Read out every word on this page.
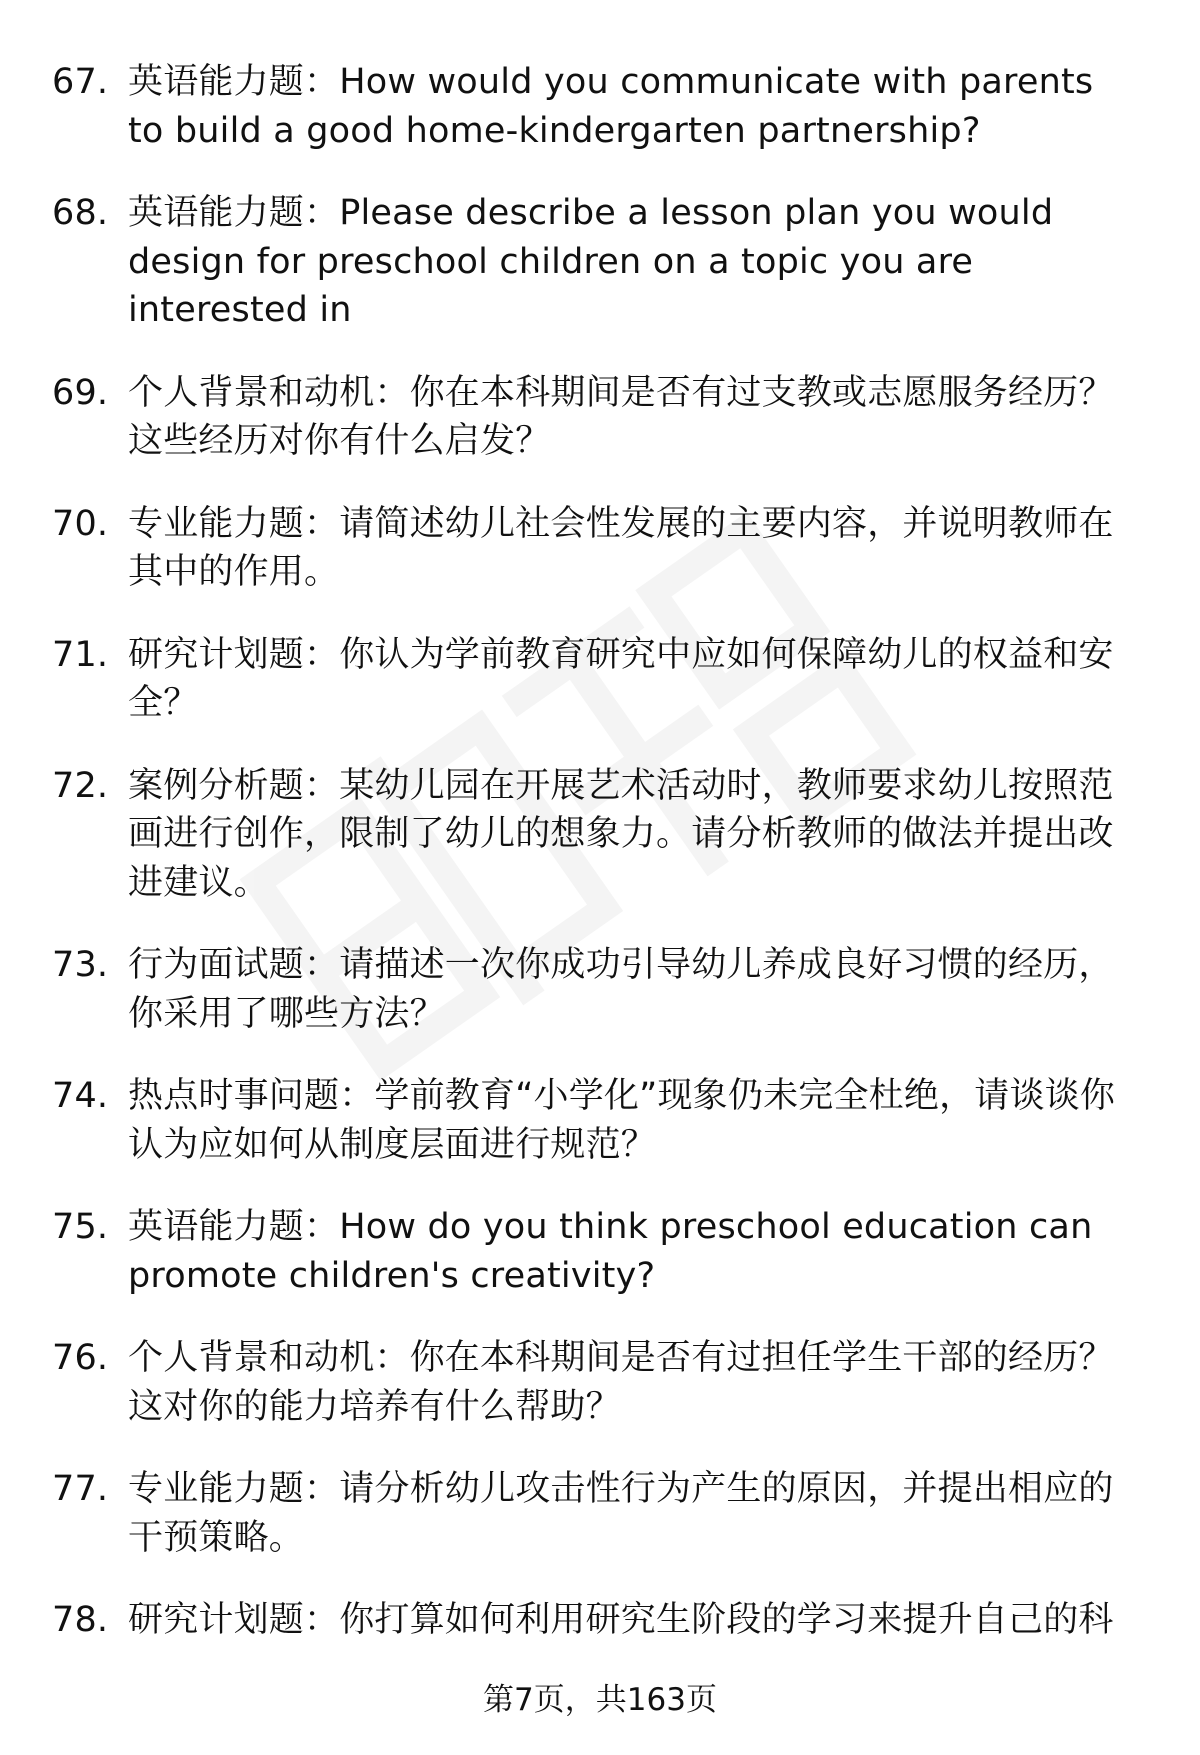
67. 英语能力题：How would you communicate with parents to build a good home-kindergarten partnership?
68. 英语能力题：Please describe a lesson plan you would design for preschool children on a topic you are interested in
69. 个人背景和动机：你在本科期间是否有过支教或志愿服务经历？这些经历对你有什么启发？
70. 专业能力题：请简述幼儿社会性发展的主要内容，并说明教师在其中的作用。
71. 研究计划题：你认为学前教育研究中应如何保障幼儿的权益和安全？
72. 案例分析题：某幼儿园在开展艺术活动时，教师要求幼儿按照范画进行创作，限制了幼儿的想象力。请分析教师的做法并提出改进建议。
73. 行为面试题：请描述一次你成功引导幼儿养成良好习惯的经历，你采用了哪些方法？
74. 热点时事问题：学前教育“小学化”现象仍未完全杜绝，请谈谈你认为应如何从制度层面进行规范？
75. 英语能力题：How do you think preschool education can promote children's creativity?
76. 个人背景和动机：你在本科期间是否有过担任学生干部的经历？这对你的能力培养有什么帮助？
77. 专业能力题：请分析幼儿攻击性行为产生的原因，并提出相应的干预策略。
78. 研究计划题：你打算如何利用研究生阶段的学习来提升自己的科
第7页，共163页
